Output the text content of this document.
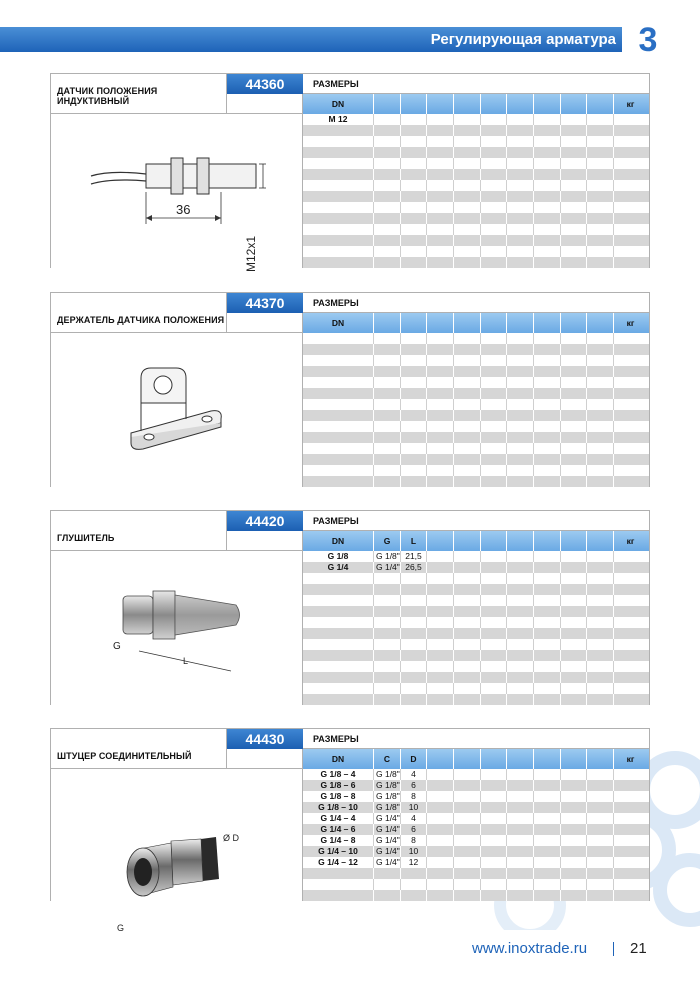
Регулирующая арматура 3
ДАТЧИК ПОЛОЖЕНИЯ ИНДУКТИВНЫЙ
44360	РАЗМЕРЫ
36
M12x1
DN	кг
M 12
ДЕРЖАТЕЛЬ ДАТЧИКА ПОЛОЖЕНИЯ
44370	РАЗМЕРЫ
DN	кг
ГЛУШИТЕЛЬ
44420	РАЗМЕРЫ
G
L
DN	G	L	кг
G 1/8	G 1/8" 21,5
G 1/4	G 1/4" 26,5
ШТУЦЕР СОЕДИНИТЕЛЬНЫЙ
44430	РАЗМЕРЫ
Ø D
G
DN	C	D	кг
G 1/8 – 4	G 1/8"	4
G 1/8 – 6	G 1/8"	6
G 1/8 – 8	G 1/8"	8
G 1/8 – 10	G 1/8"	10
G 1/4 – 4	G 1/4"	4
G 1/4 – 6	G 1/4"	6
G 1/4 – 8	G 1/4"	8
G 1/4 – 10	G 1/4"	10
G 1/4 – 12	G 1/4"	12
www.inoxtrade.ru	21
